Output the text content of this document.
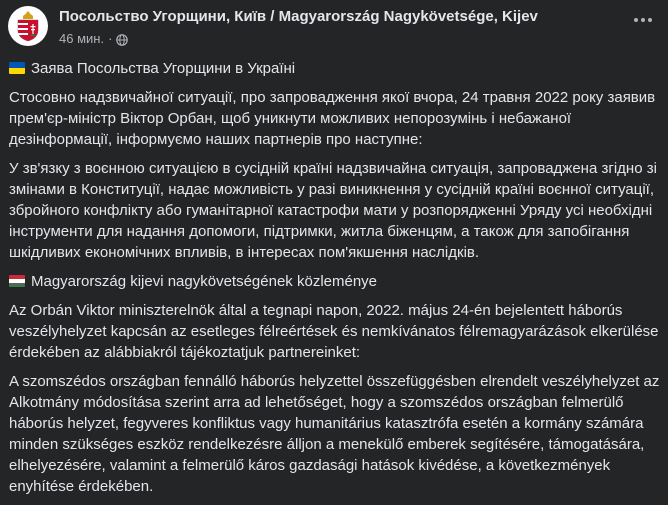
Посольство Угорщини, Київ / Magyarország Nagykövetsége, Kijev
46 мин. ·

Заява Посольства Угорщини в Україні

Стосовно надзвичайної ситуації, про запровадження якої вчора, 24 травня 2022 року заявив прем'єр-міністр Віктор Орбан, щоб уникнути можливих непорозумінь і небажаної дезінформації, інформуємо наших партнерів про наступне:

У зв'язку з воєнною ситуацією в сусідній країні надзвичайна ситуація, запроваджена згідно зі змінами в Конституції, надає можливість у разі виникнення у сусідній країні воєнної ситуації, збройного конфлікту або гуманітарної катастрофи мати у розпорядженні Уряду усі необхідні інструменти для надання допомоги, підтримки, житла біженцям, а також для запобігання шкідливих економічних впливів, в інтересах пом'якшення наслідків.

Magyarország kijevi nagykövetségének közleménye

Az Orbán Viktor miniszterelnök által a tegnapi napon, 2022. május 24-én bejelentett háborús veszélyhelyzet kapcsán az esetleges félreértések és nemkívánatos félremagyarázások elkerülése érdekében az alábbiakról tájékoztatjuk partnereinket:

A szomszédos országban fennálló háborús helyzettel összefüggésben elrendelt veszélyhelyzet az Alkotmány módosítása szerint arra ad lehetőséget, hogy a szomszédos országban felmerülő háborús helyzet, fegyveres konfliktus vagy humanitárius katasztrófa esetén a kormány számára minden szükséges eszköz rendelkezésre álljon a menekülő emberek segítésére, támogatására, elhelyezésére, valamint a felmerülő káros gazdasági hatások kivédése, a következmények enyhítése érdekében.
